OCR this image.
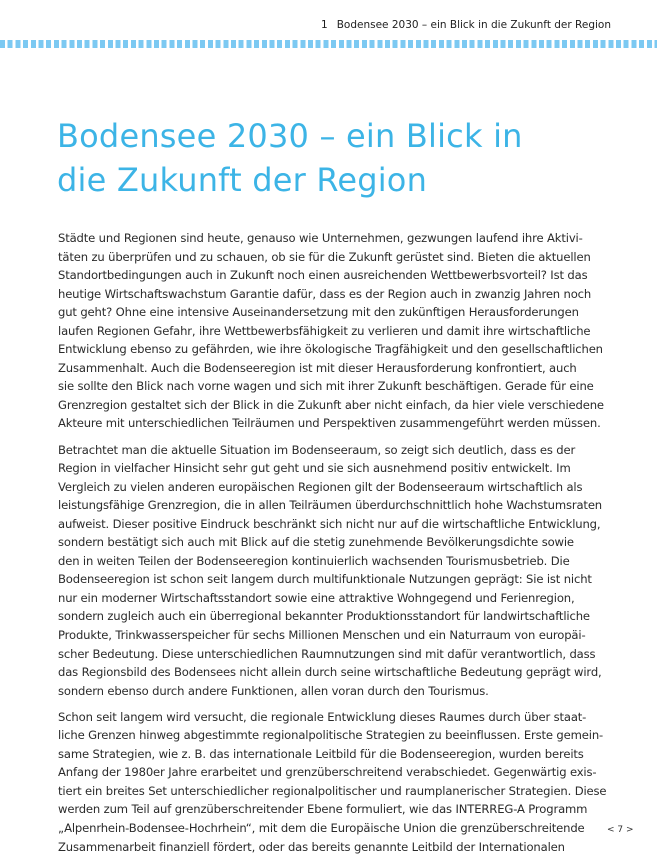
1 Bodensee 2030 – ein Blick in die Zukunft der Region
Bodensee 2030 – ein Blick in
die Zukunft der Region

Städte und Regionen sind heute, genauso wie Unternehmen, gezwungen laufend ihre Aktivi-
täten zu überprüfen und zu schauen, ob sie für die Zukunft gerüstet sind. Bieten die aktuellen
Standortbedingungen auch in Zukunft noch einen ausreichenden Wettbewerbsvorteil? Ist das
heutige Wirtschaftswachstum Garantie dafür, dass es der Region auch in zwanzig Jahren noch
gut geht? Ohne eine intensive Auseinandersetzung mit den zukünftigen Herausforderungen
laufen Regionen Gefahr, ihre Wettbewerbsfähigkeit zu verlieren und damit ihre wirtschaftliche
Entwicklung ebenso zu gefährden, wie ihre ökologische Tragfähigkeit und den gesellschaftlichen
Zusammenhalt. Auch die Bodenseeregion ist mit dieser Herausforderung konfrontiert, auch
sie sollte den Blick nach vorne wagen und sich mit ihrer Zukunft beschäftigen. Gerade für eine
Grenzregion gestaltet sich der Blick in die Zukunft aber nicht einfach, da hier viele verschiedene
Akteure mit unterschiedlichen Teilräumen und Perspektiven zusammengeführt werden müssen.

Betrachtet man die aktuelle Situation im Bodenseeraum, so zeigt sich deutlich, dass es der
Region in vielfacher Hinsicht sehr gut geht und sie sich ausnehmend positiv entwickelt. Im
Vergleich zu vielen anderen europäischen Regionen gilt der Bodenseeraum wirtschaftlich als
leistungsfähige Grenzregion, die in allen Teilräumen überdurchschnittlich hohe Wachstumsraten
aufweist. Dieser positive Eindruck beschränkt sich nicht nur auf die wirtschaftliche Entwicklung,
sondern bestätigt sich auch mit Blick auf die stetig zunehmende Bevölkerungsdichte sowie
den in weiten Teilen der Bodenseeregion kontinuierlich wachsenden Tourismusbetrieb. Die
Bodenseeregion ist schon seit langem durch multifunktionale Nutzungen geprägt: Sie ist nicht
nur ein moderner Wirtschaftsstandort sowie eine attraktive Wohngegend und Ferienregion,
sondern zugleich auch ein überregional bekannter Produktionsstandort für landwirtschaftliche
Produkte, Trinkwasserspeicher für sechs Millionen Menschen und ein Naturraum von europäi-
scher Bedeutung. Diese unterschiedlichen Raumnutzungen sind mit dafür verantwortlich, dass
das Regionsbild des Bodensees nicht allein durch seine wirtschaftliche Bedeutung geprägt wird,
sondern ebenso durch andere Funktionen, allen voran durch den Tourismus.

Schon seit langem wird versucht, die regionale Entwicklung dieses Raumes durch über staat-
liche Grenzen hinweg abgestimmte regionalpolitische Strategien zu beeinflussen. Erste gemein-
same Strategien, wie z. B. das internationale Leitbild für die Bodenseeregion, wurden bereits
Anfang der 1980er Jahre erarbeitet und grenzüberschreitend verabschiedet. Gegenwärtig exis-
tiert ein breites Set unterschiedlicher regionalpolitischer und raumplanerischer Strategien. Diese
werden zum Teil auf grenzüberschreitender Ebene formuliert, wie das INTERREG-A Programm
„Alpenrhein-Bodensee-Hochrhein“, mit dem die Europäische Union die grenzüberschreitende
Zusammenarbeit finanziell fördert, oder das bereits genannte Leitbild der Internationalen

< 7 >
